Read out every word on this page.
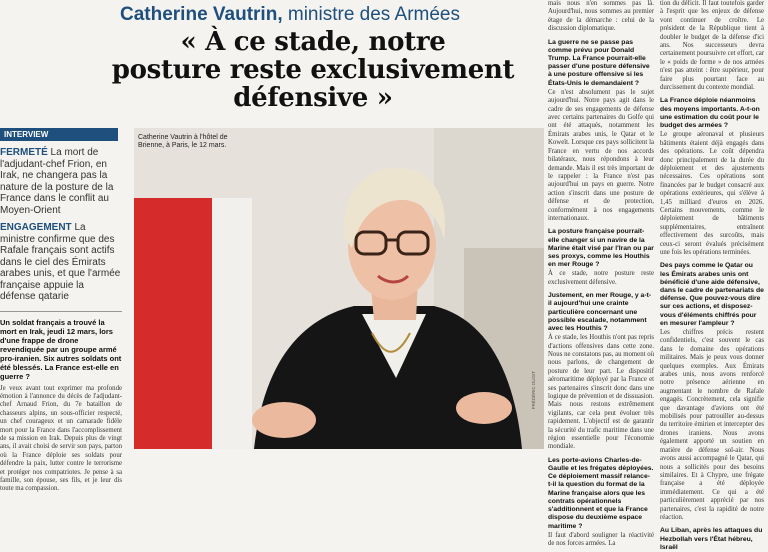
Catherine Vautrin, ministre des Armées
« À ce stade, notre
posture reste exclusivement
défensive »
INTERVIEW

FERMETÉ La mort de l'adjudant-chef Frion, en Irak, ne changera pas la nature de la posture de la France dans le conflit au Moyen-Orient

ENGAGEMENT La ministre confirme que des Rafale français sont actifs dans le ciel des Émirats arabes unis, et que l'armée française appuie la défense qatarie

Un soldat français a trouvé la mort en Irak, jeudi 12 mars, lors d'une frappe de drone revendiquée par un groupe armé pro-iranien. Six autres soldats ont été blessés. La France est-elle en guerre ?

Je veux avant tout exprimer ma profonde émotion à l'annonce du décès de l'adjudant-chef Arnaud Frion, du 7e bataillon de chasseurs alpins, un sous-officier respecté, un chef courageux et un camarade fidèle mort pour la France dans l'accomplissement de sa mission en Irak. Depuis plus de vingt ans, il avait choisi de servir son pays, parton où la France déploie ses soldats pour défendre la paix, lutter contre le terrorisme et protéger nos compatriotes. Je pense à sa famille, son épouse, ses fils, et je leur dis toute ma compassion.

Catherine Vautrin à l'hôtel de Brienne, à Paris, le 12 mars.
FRÉDÉRIC DUGIT

mais nous n'en sommes pas là. Aujourd'hui, nous sommes au premier étage de la démarche : celui de la discussion diplomatique.

La guerre ne se passe pas comme prévu pour Donald Trump. La France pourrait-elle passer d'une posture défensive à une posture offensive si les États-Unis le demandaient ?

Ce n'est absolument pas le sujet aujourd'hui. Notre pays agit dans le cadre de ses engagements de défense avec certains partenaires du Golfe qui ont été attaqués, notamment les Émirats arabes unis, le Qatar et le Koweït. Lorsque ces pays sollicitent la France en vertu de nos accords bilatéraux, nous répondons à leur demande. Mais il est très important de le rappeler : la France n'est pas aujourd'hui un pays en guerre. Notre action s'inscrit dans une posture de défense et de protection, conformément à nos engagements internationaux.

La posture française pourrait-elle changer si un navire de la Marine était visé par l'Iran ou par ses proxys, comme les Houthis en mer Rouge ?

À ce stade, notre posture reste exclusivement défensive.

Justement, en mer Rouge, y a-t-il aujourd'hui une crainte particulière concernant une possible escalade, notamment avec les Houthis ?

À ce stade, les Houthis n'ont pas repris d'actions offensives dans cette zone. Nous ne constatons pas, au moment où nous parlons, de changement de posture de leur part. Le dispositif aéromaritime déployé par la France et ses partenaires s'inscrit donc dans une logique de prévention et de dissuasion. Mais nous restons extrêmement vigilants, car cela peut évoluer très rapidement. L'objectif est de garantir la sécurité du trafic maritime dans une région essentielle pour l'économie mondiale.

Les porte-avions Charles-de-Gaulle et les frégates déployées. Ce déploiement massif relance-t-il la question du format de la Marine française alors que les contrats opérationnels s'additionnent et que la France dispose du deuxième espace maritime ?

Il faut d'abord souligner la réactivité de nos forces armées. La

tion du déficit. Il faut toutefois garder à l'esprit que les enjeux de défense vont continuer de croître. Le président de la République tient à doubler le budget de la défense d'ici ans. Nos successeurs devra certainement poursuivre cet effort, car le « poids de forme » de nos armées n'est pas atteint : être supérieur, pour faire plus pourtant face au durcissement du contexte mondial.

La France déploie néanmoins des moyens importants. A-t-on une estimation du coût pour le budget des armées ?

Le groupe aéronaval et plusieurs bâtiments étaient déjà engagés dans des opérations. Le coût dépendra donc principalement de la durée du déploiement et des ajustements nécessaires. Ces opérations sont financées par le budget consacré aux opérations extérieures, qui s'élève à 1,45 milliard d'euros en 2026. Certains mouvements, comme le déploiement de bâtiments supplémentaires, entraînent effectivement des surcoûts, mais ceux-ci seront évalués précisément une fois les opérations terminées.

Des pays comme le Qatar ou les Émirats arabes unis ont bénéficié d'une aide défensive, dans le cadre de partenariats de défense. Que pouvez-vous dire sur ces actions, et disposez-vous d'éléments chiffrés pour en mesurer l'ampleur ?

Les chiffres précis restent confidentiels, c'est souvent le cas dans le domaine des opérations militaires. Mais je peux vous donner quelques exemples. Aux Émirats arabes unis, nous avons renforcé notre présence aérienne en augmentant le nombre de Rafale engagés. Concrètement, cela signifie que davantage d'avions ont été mobilisés pour patrouiller au-dessus du territoire émirien et intercepter des drones iraniens. Nous avons également apporté un soutien en matière de défense sol-air. Nous avons aussi accompagné le Qatar, qui nous a sollicités pour des besoins similaires. Et à Chypre, une frégate française a été déployée immédiatement. Ce qui a été particulièrement apprécié par nos partenaires, c'est la rapidité de notre réaction.

Au Liban, après les attaques du Hezbollah vers l'État hébreu, Israël
